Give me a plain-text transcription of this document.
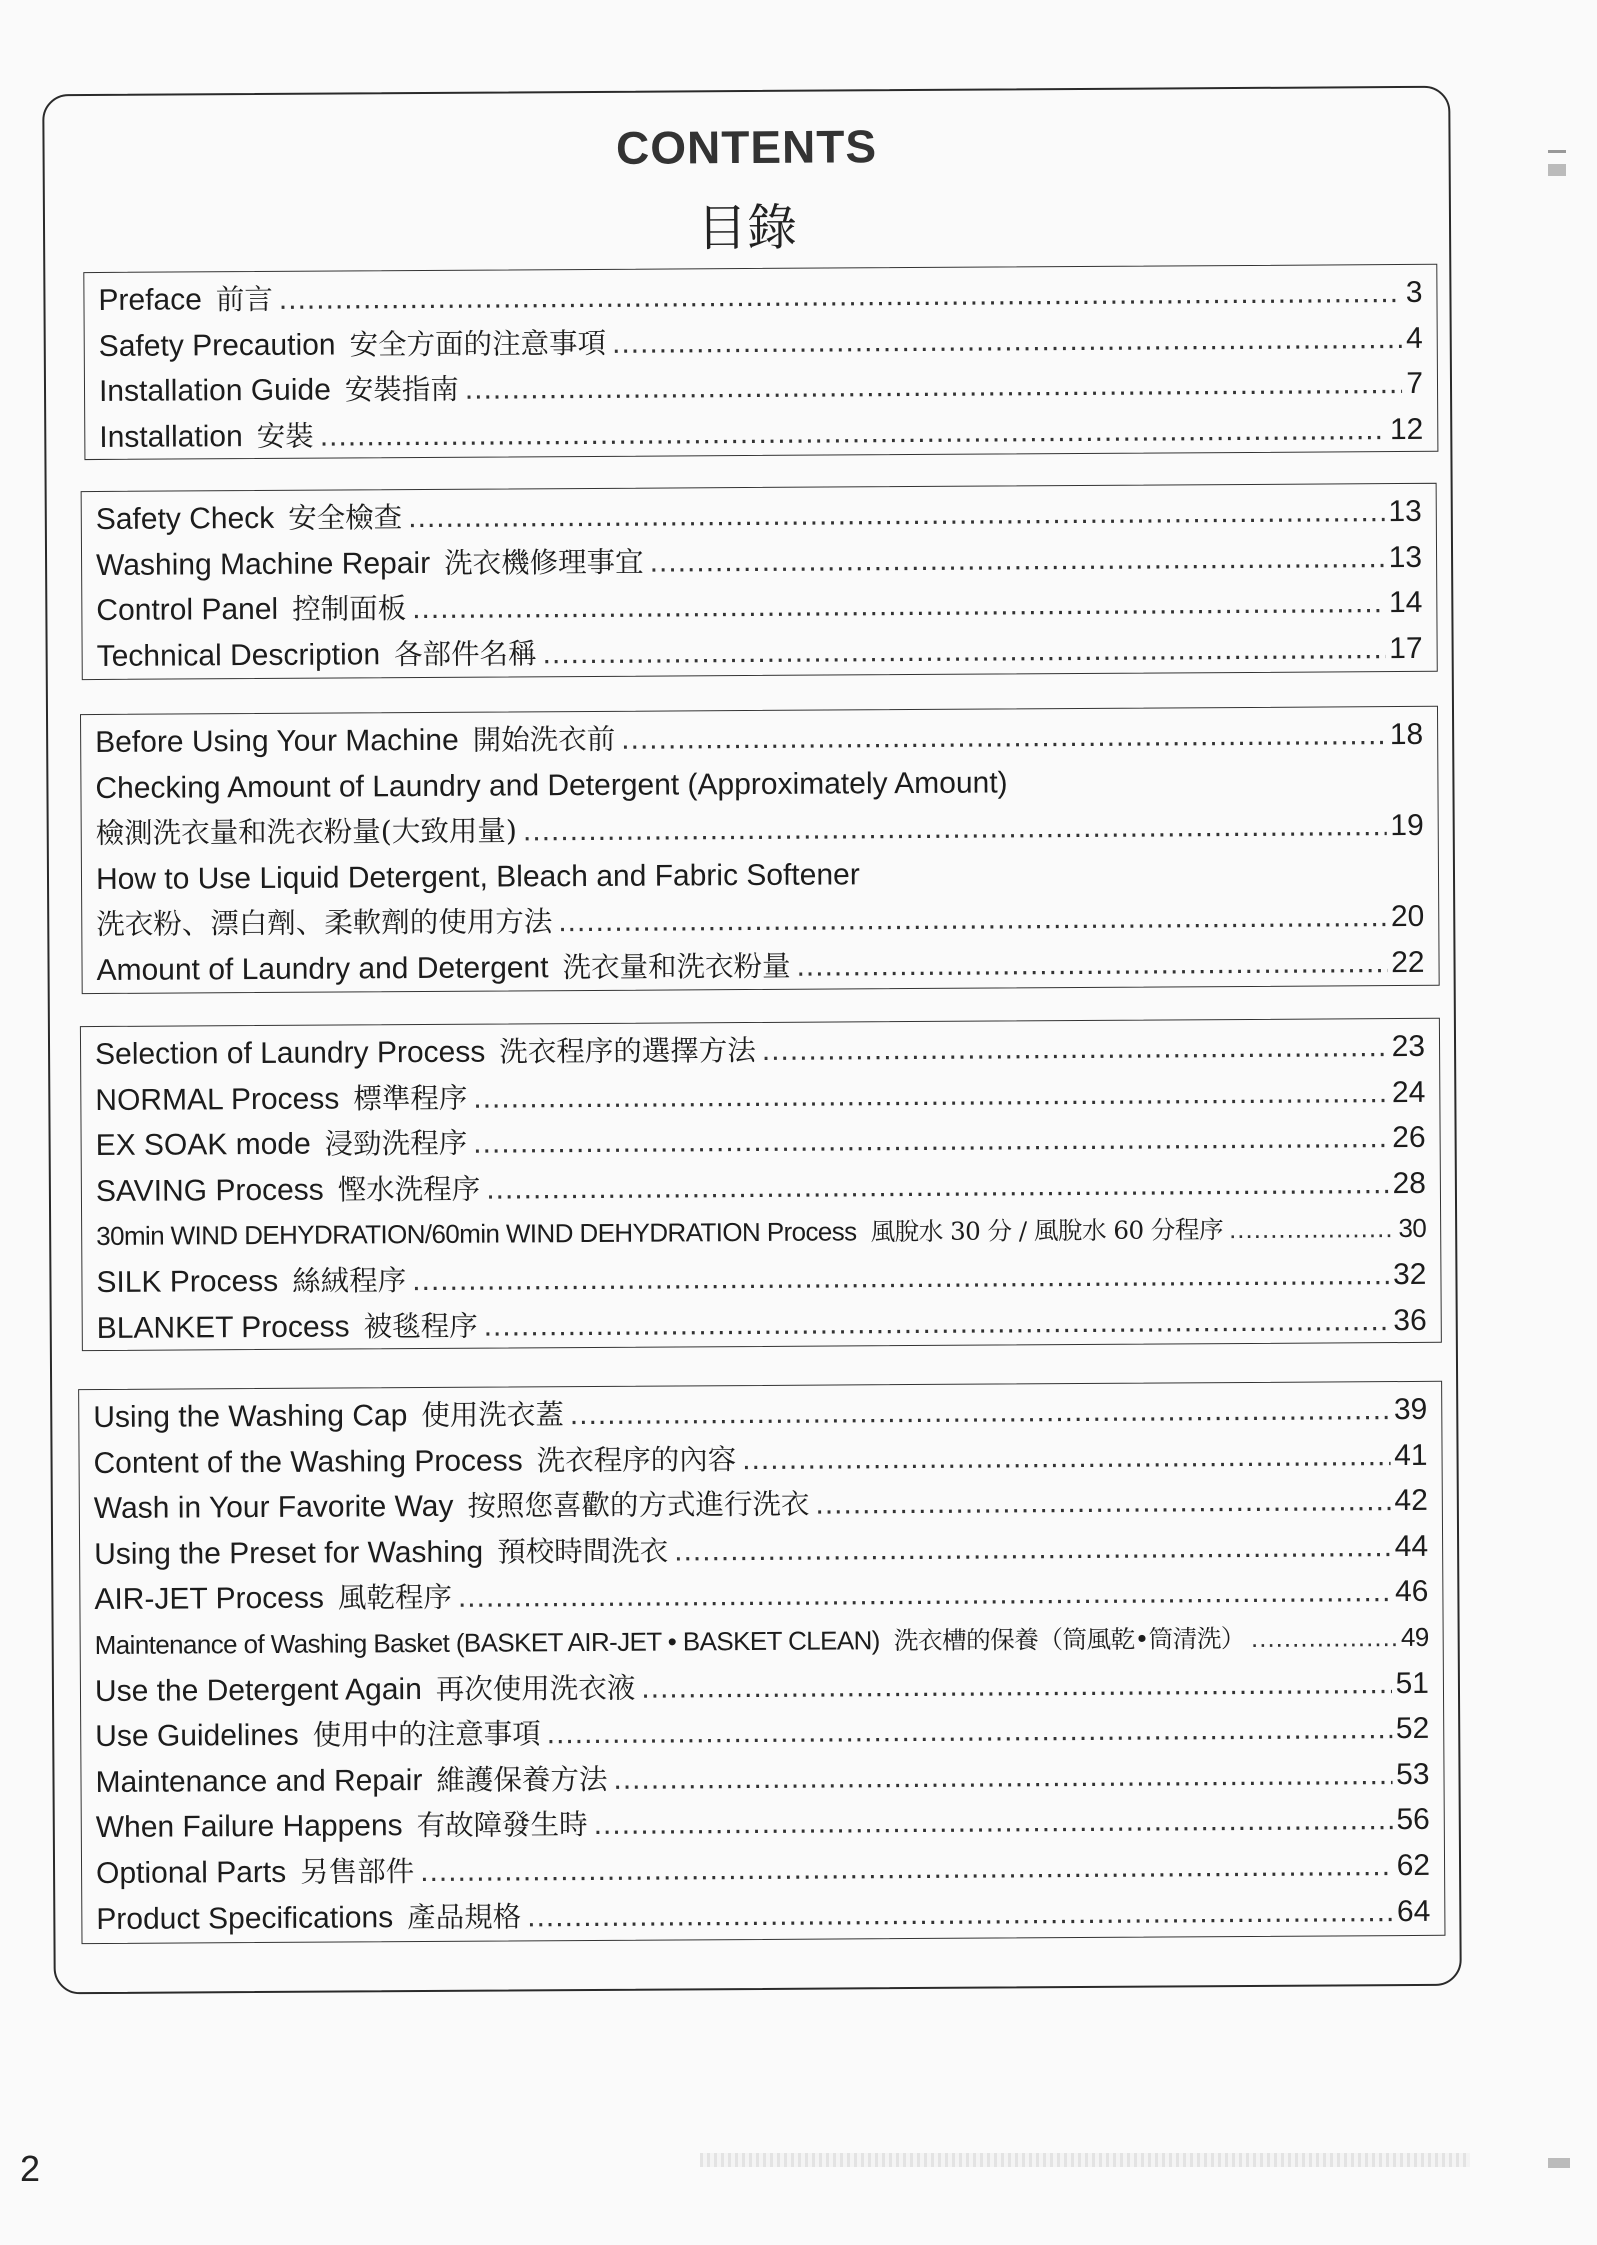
CONTENTS
目錄
Preface 前言 .....	3
Safety Precaution 安全方面的注意事項 .....	4
Installation Guide 安裝指南 .....	7
Installation 安裝 .....	12
Safety Check 安全檢查 .....	13
Washing Machine Repair 洗衣機修理事宜 .....	13
Control Panel 控制面板 .....	14
Technical Description 各部件名稱 .....	17
Before Using Your Machine 開始洗衣前 .....	18
Checking Amount of Laundry and Detergent (Approximately Amount)
檢測洗衣量和洗衣粉量(大致用量) .....	19
How to Use Liquid Detergent, Bleach and Fabric Softener
洗衣粉、漂白劑、柔軟劑的使用方法 .....	20
Amount of Laundry and Detergent 洗衣量和洗衣粉量 .....	22
Selection of Laundry Process 洗衣程序的選擇方法 .....	23
NORMAL Process 標準程序 .....	24
EX SOAK mode 浸勁洗程序 .....	26
SAVING Process 慳水洗程序 .....	28
30min WIND DEHYDRATION/60min WIND DEHYDRATION Process 風脫水 30 分 / 風脫水 60 分程序 .....	30
SILK Process 絲絨程序 .....	32
BLANKET Process 被毯程序 .....	36
Using the Washing Cap 使用洗衣蓋 .....	39
Content of the Washing Process 洗衣程序的內容 .....	41
Wash in Your Favorite Way 按照您喜歡的方式進行洗衣 .....	42
Using the Preset for Washing 預校時間洗衣 .....	44
AIR-JET Process 風乾程序 .....	46
Maintenance of Washing Basket (BASKET AIR-JET • BASKET CLEAN) 洗衣槽的保養（筒風乾•筒清洗） .....	49
Use the Detergent Again 再次使用洗衣液 .....	51
Use Guidelines 使用中的注意事項 .....	52
Maintenance and Repair 維護保養方法 .....	53
When Failure Happens 有故障發生時 .....	56
Optional Parts 另售部件 .....	62
Product Specifications 產品規格 .....	64
2
